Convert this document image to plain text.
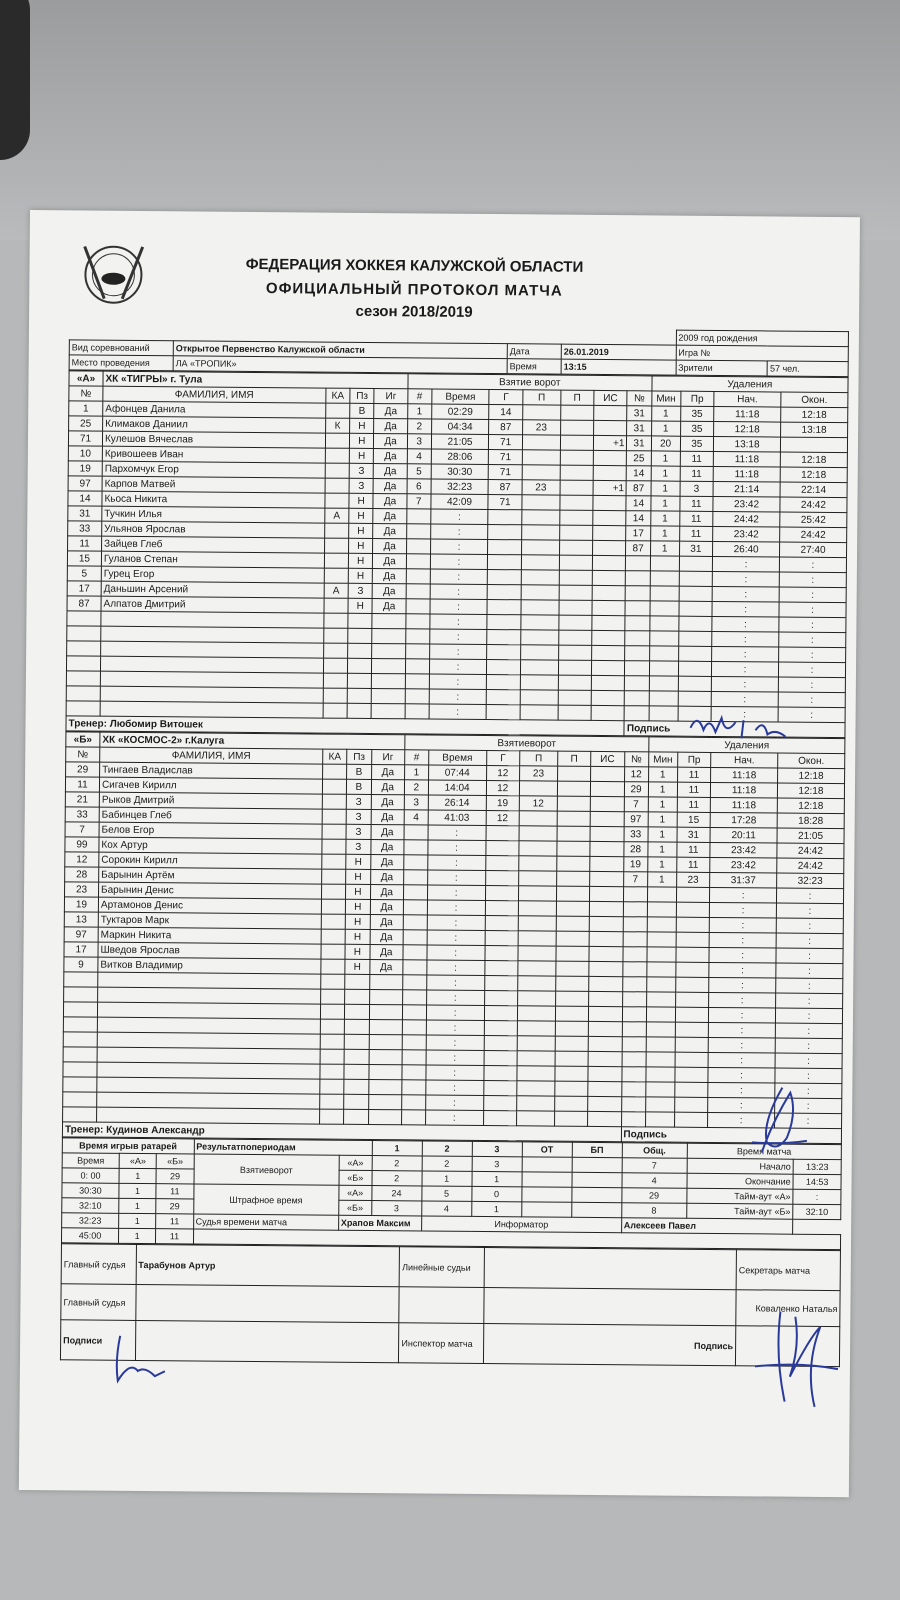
ФЕДЕРАЦИЯ ХОККЕЯ КАЛУЖСКОЙ ОБЛАСТИ
ОФИЦИАЛЬНЫЙ ПРОТОКОЛ МАТЧА
сезон 2018/2019
				2009 год рождения	
Вид соревнований	Открытое Первенство Калужской области	Дата	26.01.2019	Игра №	
Место проведения	ЛА «ТРОПИК»	Время	13:15	Зрители	57 чел.
«А»	ХК «ТИГРЫ» г. Тула				Взятие ворот							Удаления			
№	ФАМИЛИЯ, ИМЯ	КА	Пз	Иг	#	Время	Г	П	П	ИС	№	Мин	Пр	Нач.	Окон.
1	Афонцев Данила		В	Да	1	02:29	14				31	1	35	11:18	12:18
25	Климаков Даниил	К	Н	Да	2	04:34	87	23			31	1	35	12:18	13:18
71	Кулешов Вячеслав		Н	Да	3	21:05	71			+1	31	20	35	13:18	
10	Кривошеев Иван		Н	Да	4	28:06	71				25	1	11	11:18	12:18
19	Пархомчук Егор		З	Да	5	30:30	71				14	1	11	11:18	12:18
97	Карпов Матвей		З	Да	6	32:23	87	23		+1	87	1	3	21:14	22:14
14	Кьоса Никита		Н	Да	7	42:09	71				14	1	11	23:42	24:42
31	Тучкин Илья	А	Н	Да		:					14	1	11	24:42	25:42
33	Ульянов Ярослав		Н	Да		:					17	1	11	23:42	24:42
11	Зайцев Глеб		Н	Да		:					87	1	31	26:40	27:40
15	Гуланов Степан		Н	Да		:								:	:
5	Гурец Егор		Н	Да		:								:	:
17	Даньшин Арсений	А	З	Да		:								:	:
87	Алпатов Дмитрий		Н	Да		:								:	:
						:								:	:
						:								:	:
						:								:	:
						:								:	:
						:								:	:
						:								:	:
						:								:	:
Тренер: Любомир Витошек											Подпись				
«Б»	ХК «КОСМОС-2» г.Калуга				Взятиеворот							Удаления			
№	ФАМИЛИЯ, ИМЯ	КА	Пз	Иг	#	Время	Г	П	П	ИС	№	Мин	Пр	Нач.	Окон.
29	Тингаев Владислав		В	Да	1	07:44	12	23			12	1	11	11:18	12:18
11	Сигачев Кирилл		В	Да	2	14:04	12				29	1	11	11:18	12:18
21	Рыков Дмитрий		З	Да	3	26:14	19	12			7	1	11	11:18	12:18
33	Бабинцев Глеб		З	Да	4	41:03	12				97	1	15	17:28	18:28
7	Белов Егор		З	Да		:					33	1	31	20:11	21:05
99	Кох Артур		З	Да		:					28	1	11	23:42	24:42
12	Сорокин Кирилл		Н	Да		:					19	1	11	23:42	24:42
28	Барынин Артём		Н	Да		:					7	1	23	31:37	32:23
23	Барынин Денис		Н	Да		:								:	:
19	Артамонов Денис		Н	Да		:								:	:
13	Туктаров Марк		Н	Да		:								:	:
97	Маркин Никита		Н	Да		:								:	:
17	Шведов Ярослав		Н	Да		:								:	:
9	Витков Владимир		Н	Да		:								:	:
						:								:	:
						:								:	:
						:								:	:
						:								:	:
						:								:	:
						:								:	:
						:								:	:
						:								:	:
						:								:	:
						:								:	:
Тренер: Кудинов Александр											Подпись				
Время игрыв ратарей			Результатпопериодам		1	2	3	ОТ	БП	Общ.	Время матча	
Время	«А»	«Б»	Взятиеворот	«А»	2	2	3			7	Начало	13:23
0: 00	1	29		«Б»	2	1	1			4	Окончание	14:53
30:30	1	11	Штрафное время	«А»	24	5	0			29	Тайм-аут «А»	:
32:10	1	29		«Б»	3	4	1			8	Тайм-аут «Б»	32:10
32:23	1	11	Судья времени матча	Храпов Максим		Информатор				Алексеев Павел		
45:00	1	11										
Главный судья	Тарабунов Артур	Линейные судьи		Секретарь матча
Главный судья				Коваленко Наталья
Подписи		Инспектор матча	Подпись	
